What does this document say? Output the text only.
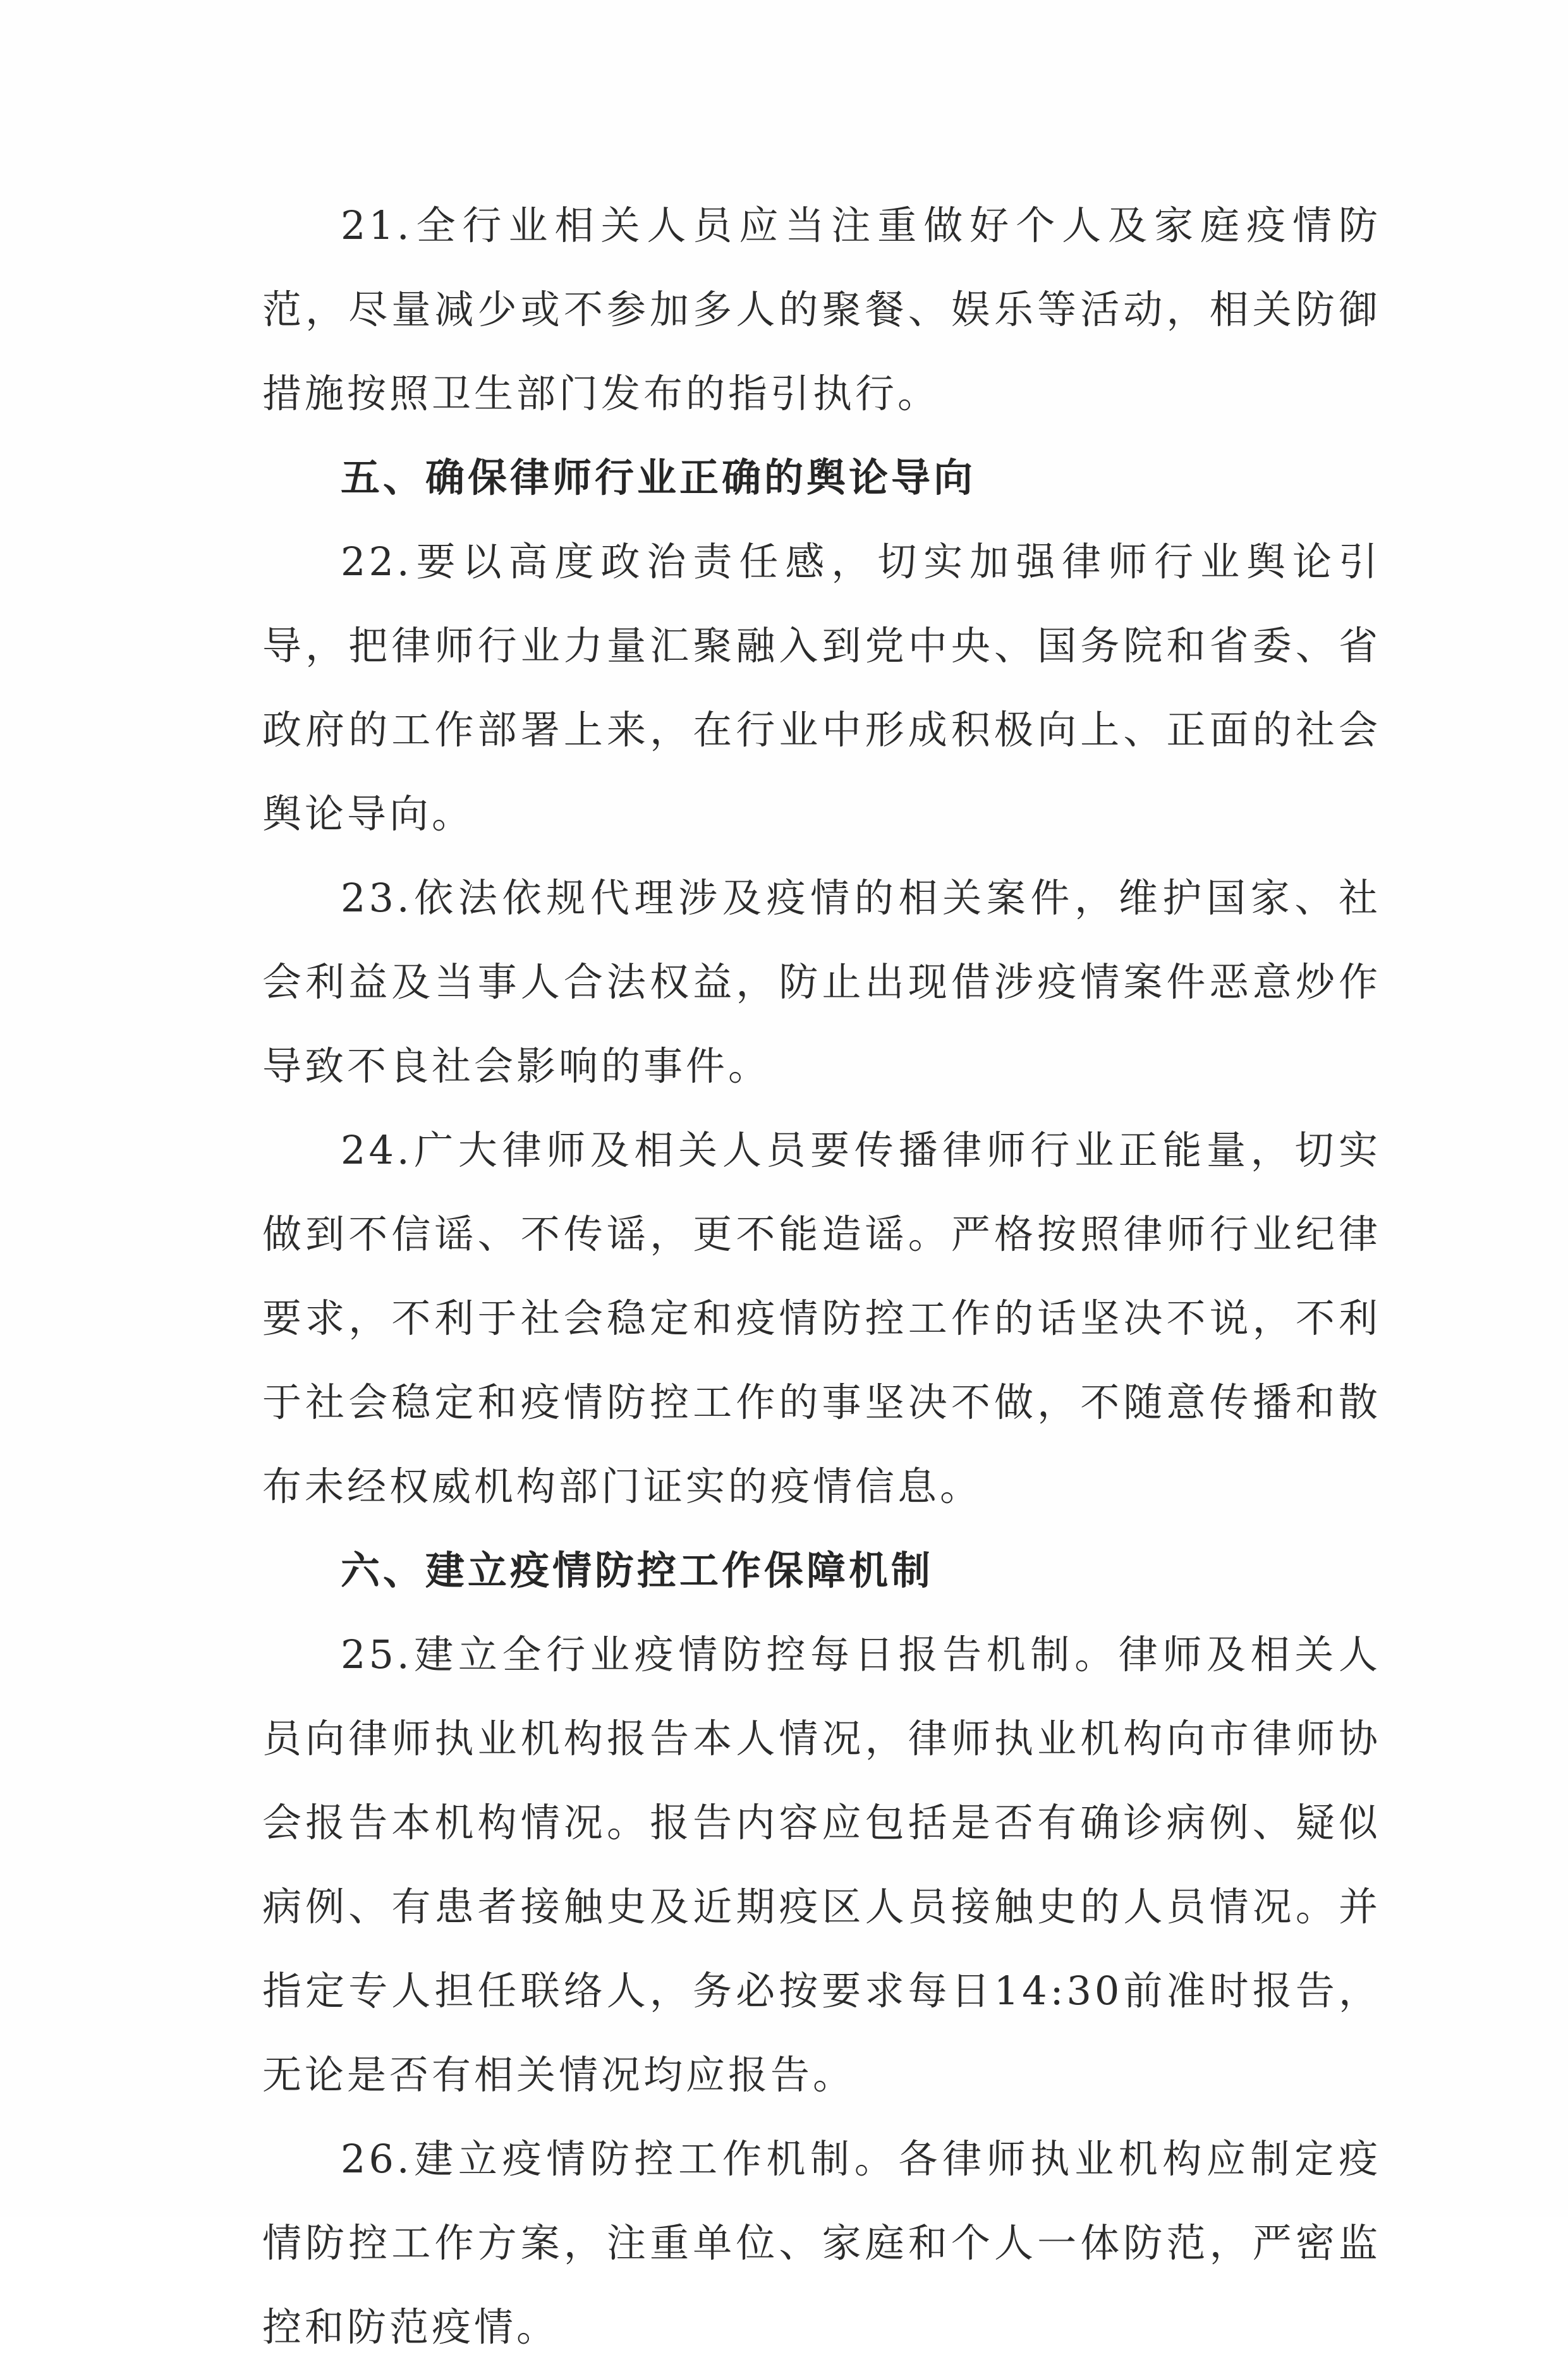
21.全行业相关人员应当注重做好个人及家庭疫情防范，尽量减少或不参加多人的聚餐、娱乐等活动，相关防御措施按照卫生部门发布的指引执行。

五、确保律师行业正确的舆论导向

22.要以高度政治责任感，切实加强律师行业舆论引导，把律师行业力量汇聚融入到党中央、国务院和省委、省政府的工作部署上来，在行业中形成积极向上、正面的社会舆论导向。

23.依法依规代理涉及疫情的相关案件，维护国家、社会利益及当事人合法权益，防止出现借涉疫情案件恶意炒作导致不良社会影响的事件。

24.广大律师及相关人员要传播律师行业正能量，切实做到不信谣、不传谣，更不能造谣。严格按照律师行业纪律要求，不利于社会稳定和疫情防控工作的话坚决不说，不利于社会稳定和疫情防控工作的事坚决不做，不随意传播和散布未经权威机构部门证实的疫情信息。

六、建立疫情防控工作保障机制

25.建立全行业疫情防控每日报告机制。律师及相关人员向律师执业机构报告本人情况，律师执业机构向市律师协会报告本机构情况。报告内容应包括是否有确诊病例、疑似病例、有患者接触史及近期疫区人员接触史的人员情况。并指定专人担任联络人，务必按要求每日14:30前准时报告，无论是否有相关情况均应报告。

26.建立疫情防控工作机制。各律师执业机构应制定疫情防控工作方案，注重单位、家庭和个人一体防范，严密监控和防范疫情。
